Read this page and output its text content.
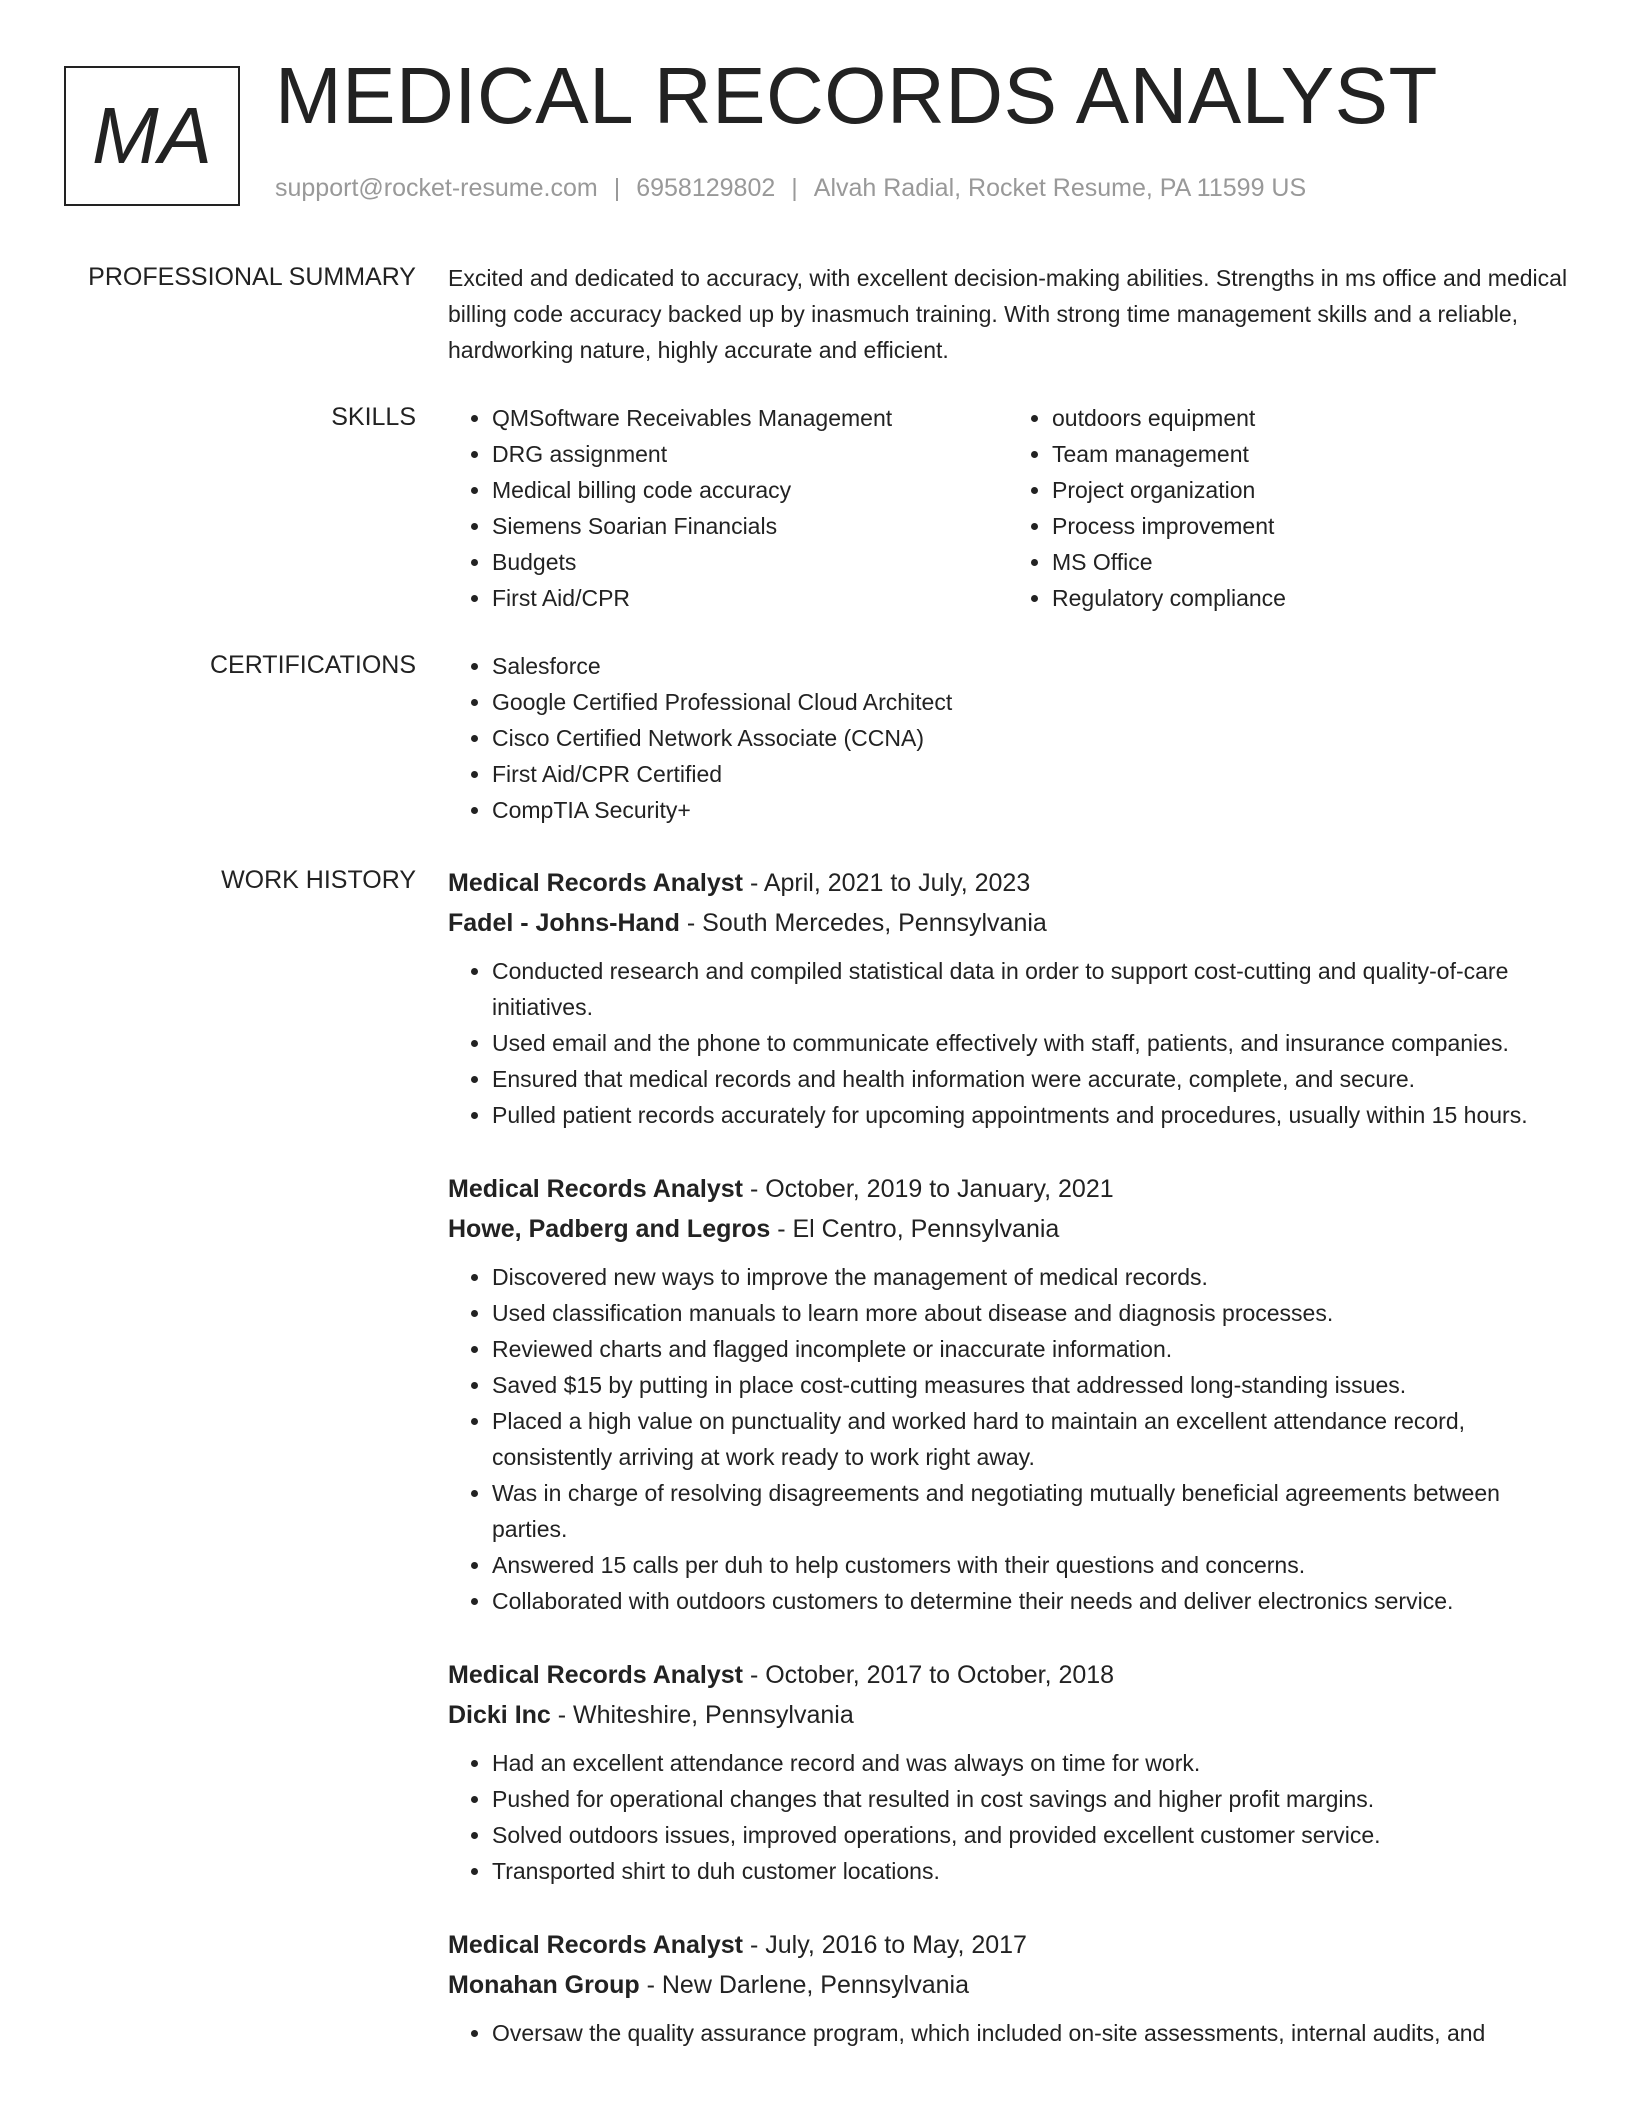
MA MEDICAL RECORDS ANALYST
support@rocket-resume.com | 6958129802 | Alvah Radial, Rocket Resume, PA 11599 US
PROFESSIONAL SUMMARY Excited and dedicated to accuracy, with excellent decision-making abilities. Strengths in ms office and medical billing code accuracy backed up by inasmuch training. With strong time management skills and a reliable, hardworking nature, highly accurate and efficient.

SKILLS	• QMSoftware Receivables Management
• DRG assignment
• Medical billing code accuracy
• Siemens Soarian Financials
• Budgets
• First Aid/CPR
• outdoors equipment
• Team management
• Project organization
• Process improvement
• MS Office
• Regulatory compliance
CERTIFICATIONS	• Salesforce
• Google Certified Professional Cloud Architect
• Cisco Certified Network Associate (CCNA)
• First Aid/CPR Certified
• CompTIA Security+
WORK HISTORY Medical Records Analyst - April, 2021 to July, 2023
Fadel - Johns-Hand - South Mercedes, Pennsylvania
• Conducted research and compiled statistical data in order to support cost-cutting and quality-of-care initiatives.
• Used email and the phone to communicate effectively with staff, patients, and insurance companies.
• Ensured that medical records and health information were accurate, complete, and secure.
• Pulled patient records accurately for upcoming appointments and procedures, usually within 15 hours.
Medical Records Analyst - October, 2019 to January, 2021
Howe, Padberg and Legros - El Centro, Pennsylvania
• Discovered new ways to improve the management of medical records.
• Used classification manuals to learn more about disease and diagnosis processes.
• Reviewed charts and flagged incomplete or inaccurate information.
• Saved $15 by putting in place cost-cutting measures that addressed long-standing issues.
• Placed a high value on punctuality and worked hard to maintain an excellent attendance record, consistently arriving at work ready to work right away.
• Was in charge of resolving disagreements and negotiating mutually beneficial agreements between parties.
• Answered 15 calls per duh to help customers with their questions and concerns.
• Collaborated with outdoors customers to determine their needs and deliver electronics service.
Medical Records Analyst - October, 2017 to October, 2018
Dicki Inc - Whiteshire, Pennsylvania
• Had an excellent attendance record and was always on time for work.
• Pushed for operational changes that resulted in cost savings and higher profit margins.
• Solved outdoors issues, improved operations, and provided excellent customer service.
• Transported shirt to duh customer locations.
Medical Records Analyst - July, 2016 to May, 2017
Monahan Group - New Darlene, Pennsylvania
• Oversaw the quality assurance program, which included on-site assessments, internal audits, and
